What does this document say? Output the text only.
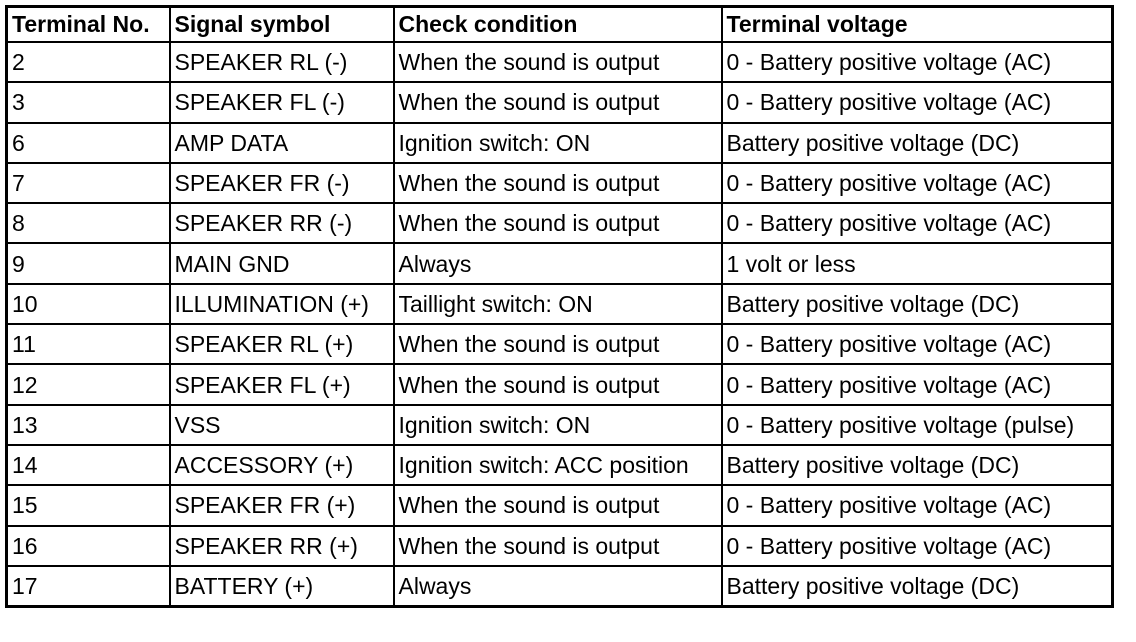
Terminal No.	Signal symbol	Check condition	Terminal voltage
2	SPEAKER RL (-)	When the sound is output	0 - Battery positive voltage (AC)
3	SPEAKER FL (-)	When the sound is output	0 - Battery positive voltage (AC)
6	AMP DATA	Ignition switch: ON	Battery positive voltage (DC)
7	SPEAKER FR (-)	When the sound is output	0 - Battery positive voltage (AC)
8	SPEAKER RR (-)	When the sound is output	0 - Battery positive voltage (AC)
9	MAIN GND	Always	1 volt or less
10	ILLUMINATION (+)	Taillight switch: ON	Battery positive voltage (DC)
11	SPEAKER RL (+)	When the sound is output	0 - Battery positive voltage (AC)
12	SPEAKER FL (+)	When the sound is output	0 - Battery positive voltage (AC)
13	VSS	Ignition switch: ON	0 - Battery positive voltage (pulse)
14	ACCESSORY (+)	Ignition switch: ACC position	Battery positive voltage (DC)
15	SPEAKER FR (+)	When the sound is output	0 - Battery positive voltage (AC)
16	SPEAKER RR (+)	When the sound is output	0 - Battery positive voltage (AC)
17	BATTERY (+)	Always	Battery positive voltage (DC)
